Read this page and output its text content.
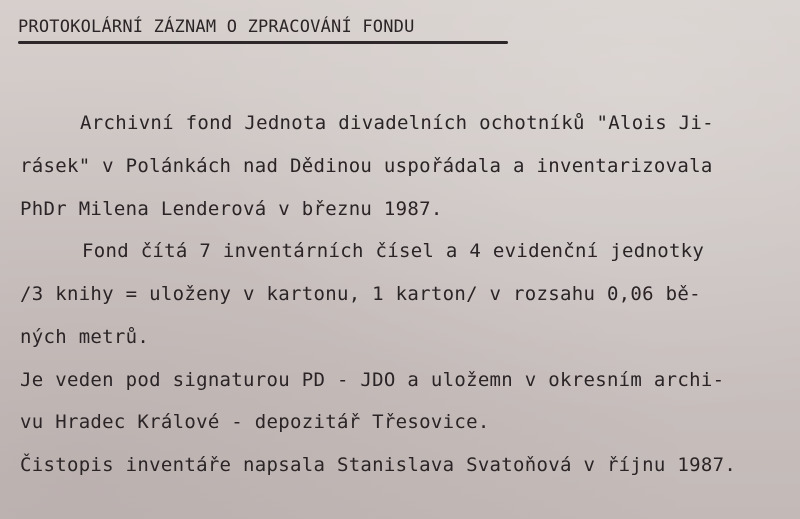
PROTOKOLÁRNÍ ZÁZNAM O ZPRACOVÁNÍ FONDU
Archivní fond Jednota divadelních ochotníků "Alois Ji-
rásek" v Polánkách nad Dědinou uspořádala a inventarizovala
PhDr Milena Lenderová v březnu 1987.
Fond čítá 7 inventárních čísel a 4 evidenční jednotky
/3 knihy = uloženy v kartonu, 1 karton/ v rozsahu 0,06 bě-
ných metrů.
Je veden pod signaturou PD - JDO a uložemn v okresním archi-
vu Hradec Králové - depozitář Třesovice.
Čistopis inventáře napsala Stanislava Svatoňová v říjnu 1987.
